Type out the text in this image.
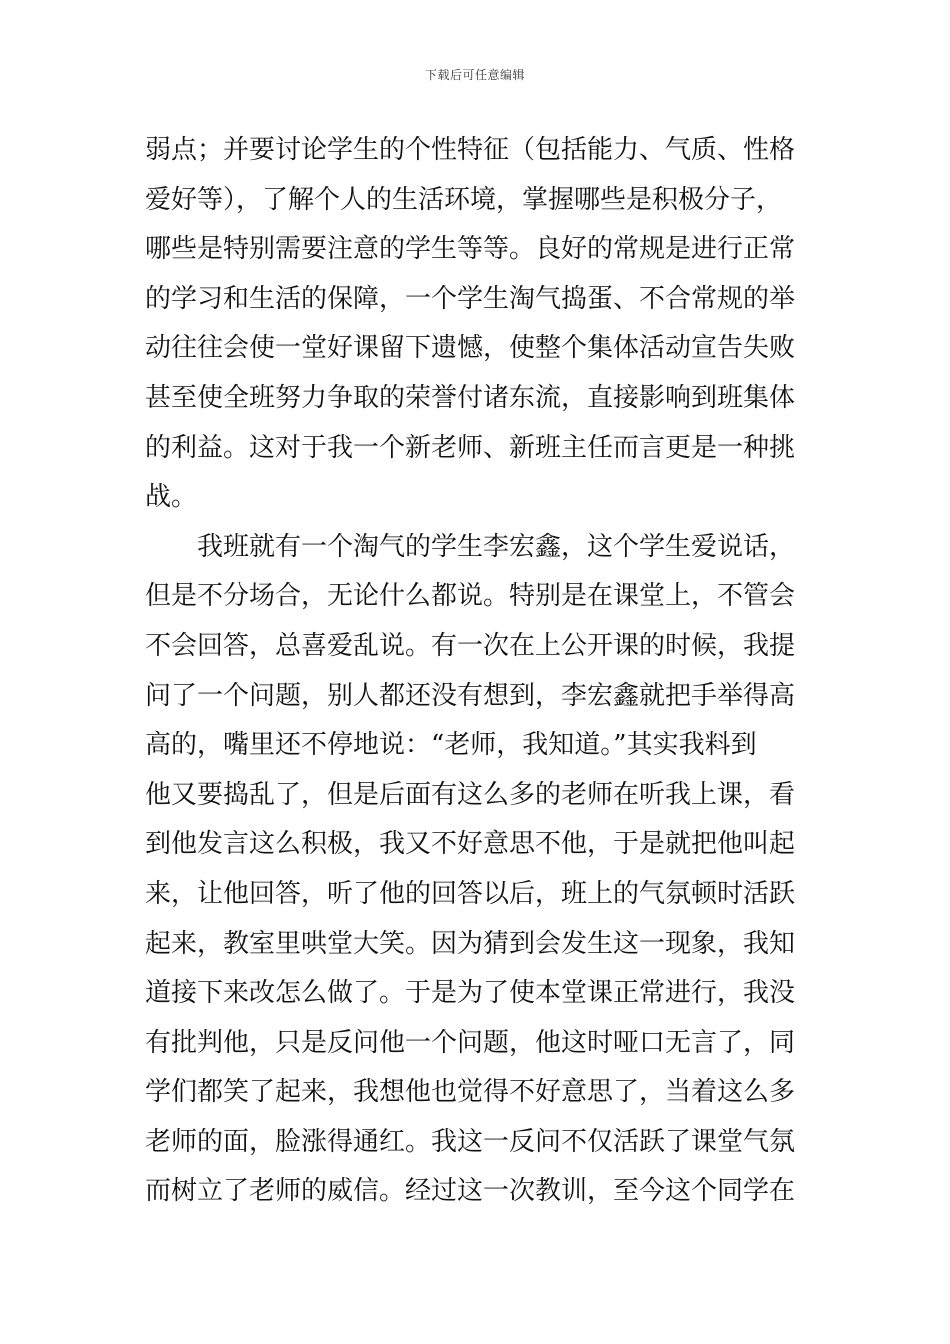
下载后可任意编辑
弱点；并要讨论学生的个性特征（包括能力、气质、性格
爱好等），了解个人的生活环境，掌握哪些是积极分子，
哪些是特别需要注意的学生等等。良好的常规是进行正常
的学习和生活的保障，一个学生淘气捣蛋、不合常规的举
动往往会使一堂好课留下遗憾，使整个集体活动宣告失败
甚至使全班努力争取的荣誉付诸东流，直接影响到班集体
的利益。这对于我一个新老师、新班主任而言更是一种挑
战。
我班就有一个淘气的学生李宏鑫，这个学生爱说话，
但是不分场合，无论什么都说。特别是在课堂上，不管会
不会回答，总喜爱乱说。有一次在上公开课的时候，我提
问了一个问题，别人都还没有想到，李宏鑫就把手举得高
高的，嘴里还不停地说：“老师，我知道。”其实我料到
他又要捣乱了，但是后面有这么多的老师在听我上课，看
到他发言这么积极，我又不好意思不他，于是就把他叫起
来，让他回答，听了他的回答以后，班上的气氛顿时活跃
起来，教室里哄堂大笑。因为猜到会发生这一现象，我知
道接下来改怎么做了。于是为了使本堂课正常进行，我没
有批判他，只是反问他一个问题，他这时哑口无言了，同
学们都笑了起来，我想他也觉得不好意思了，当着这么多
老师的面，脸涨得通红。我这一反问不仅活跃了课堂气氛
而树立了老师的威信。经过这一次教训，至今这个同学在
